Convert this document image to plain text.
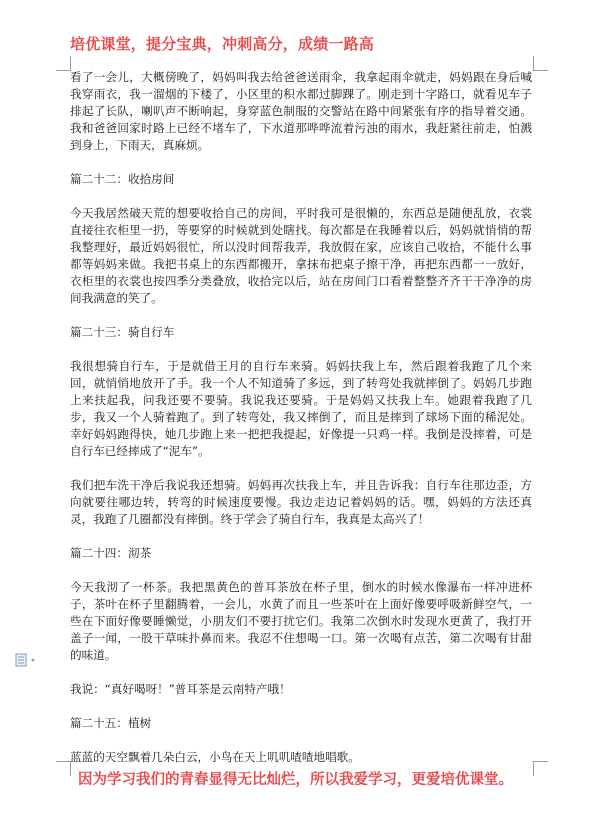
培优课堂，提分宝典，冲刺高分，成绩一路高

看了一会儿，大概傍晚了，妈妈叫我去给爸爸送雨伞，我拿起雨伞就走，妈妈跟在身后喊我穿雨衣，我一溜烟的下楼了，小区里的积水都过脚踝了。刚走到十字路口，就看见车子排起了长队，喇叭声不断响起，身穿蓝色制服的交警站在路中间紧张有序的指导着交通。我和爸爸回家时路上已经不堵车了，下水道那哗哗流着污浊的雨水，我赶紧往前走，怕溅到身上，下雨天，真麻烦。

篇二十二：收拾房间

今天我居然破天荒的想要收拾自己的房间，平时我可是很懒的，东西总是随便乱放，衣裳直接往衣柜里一扔，等要穿的时候就到处瞎找。每次都是在我睡着以后，妈妈就悄悄的帮我整理好，最近妈妈很忙，所以没时间帮我弄，我放假在家，应该自己收拾，不能什么事都等妈妈来做。我把书桌上的东西都搬开，拿抹布把桌子擦干净，再把东西都一一放好，衣柜里的衣裳也按四季分类叠放，收拾完以后，站在房间门口看着整整齐齐干干净净的房间我满意的笑了。

篇二十三：骑自行车

我很想骑自行车，于是就借王月的自行车来骑。妈妈扶我上车，然后跟着我跑了几个来回，就悄悄地放开了手。我一个人不知道骑了多远，到了转弯处我就摔倒了。妈妈几步跑上来扶起我，问我还要不要骑。我说我还要骑。于是妈妈又扶我上车。她跟着我跑了几步，我又一个人骑着跑了。到了转弯处，我又摔倒了，而且是摔到了球场下面的稀泥处。幸好妈妈跑得快，她几步跑上来一把把我提起，好像提一只鸡一样。我倒是没摔着，可是自行车已经摔成了“泥车”。

我们把车洗干净后我说我还想骑。妈妈再次扶我上车，并且告诉我：自行车往那边歪，方向就要往哪边转，转弯的时候速度要慢。我边走边记着妈妈的话。嘿，妈妈的方法还真灵，我跑了几圈都没有摔倒。终于学会了骑自行车，我真是太高兴了！

篇二十四：沏茶

今天我沏了一杯茶。我把黑黄色的普耳茶放在杯子里，倒水的时候水像瀑布一样冲进杯子，茶叶在杯子里翻腾着，一会儿，水黄了而且一些茶叶在上面好像要呼吸新鲜空气，一些在下面好像要睡懒觉，小朋友们不要打扰它们。我第二次倒水时发现水更黄了，我打开盖子一闻，一股干草味扑鼻而来。我忍不住想喝一口。第一次喝有点苦，第二次喝有甘甜的味道。

我说：“真好喝呀！”普耳茶是云南特产哦！

篇二十五：植树

蓝蓝的天空飘着几朵白云，小鸟在天上叽叽喳喳地唱歌。

因为学习我们的青春显得无比灿烂，所以我爱学习，更爱培优课堂。
